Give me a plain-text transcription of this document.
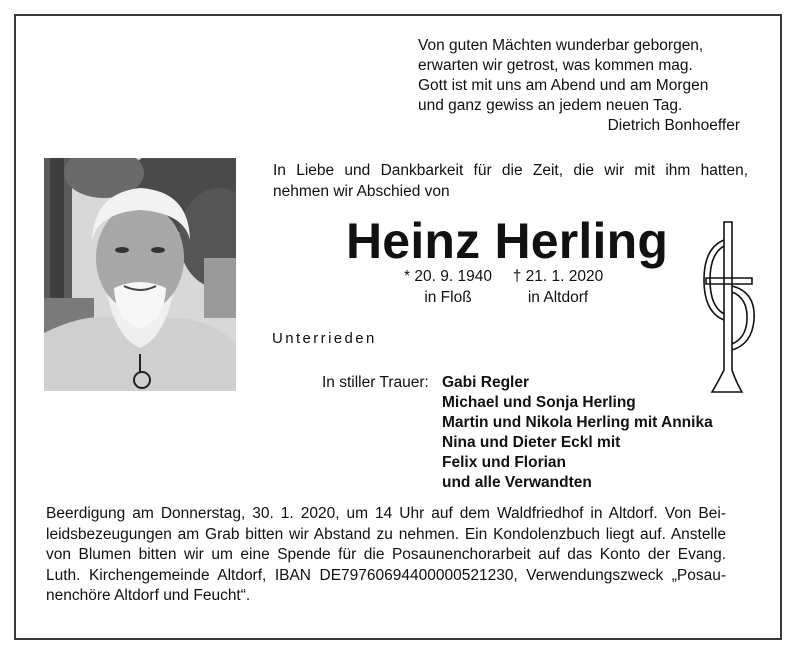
Von guten Mächten wunderbar geborgen,
erwarten wir getrost, was kommen mag.
Gott ist mit uns am Abend und am Morgen
und ganz gewiss an jedem neuen Tag.
Dietrich Bonhoeffer
In Liebe und Dankbarkeit für die Zeit, die wir mit ihm hatten,
nehmen wir Abschied von
Heinz Herling
* 20. 9. 1940
in Floß
† 21. 1. 2020
in Altdorf
Unterrieden
In stiller Trauer: Gabi Regler
Michael und Sonja Herling
Martin und Nikola Herling mit Annika
Nina und Dieter Eckl mit
Felix und Florian
und alle Verwandten
Beerdigung am Donnerstag, 30. 1. 2020, um 14 Uhr auf dem Waldfriedhof in Altdorf. Von Bei-
leidsbezeugungen am Grab bitten wir Abstand zu nehmen. Ein Kondolenzbuch liegt auf. Anstelle
von Blumen bitten wir um eine Spende für die Posaunenchorarbeit auf das Konto der Evang.
Luth. Kirchengemeinde Altdorf, IBAN DE79760694400000521230, Verwendungszweck „Posau-
nenchöre Altdorf und Feucht“.
